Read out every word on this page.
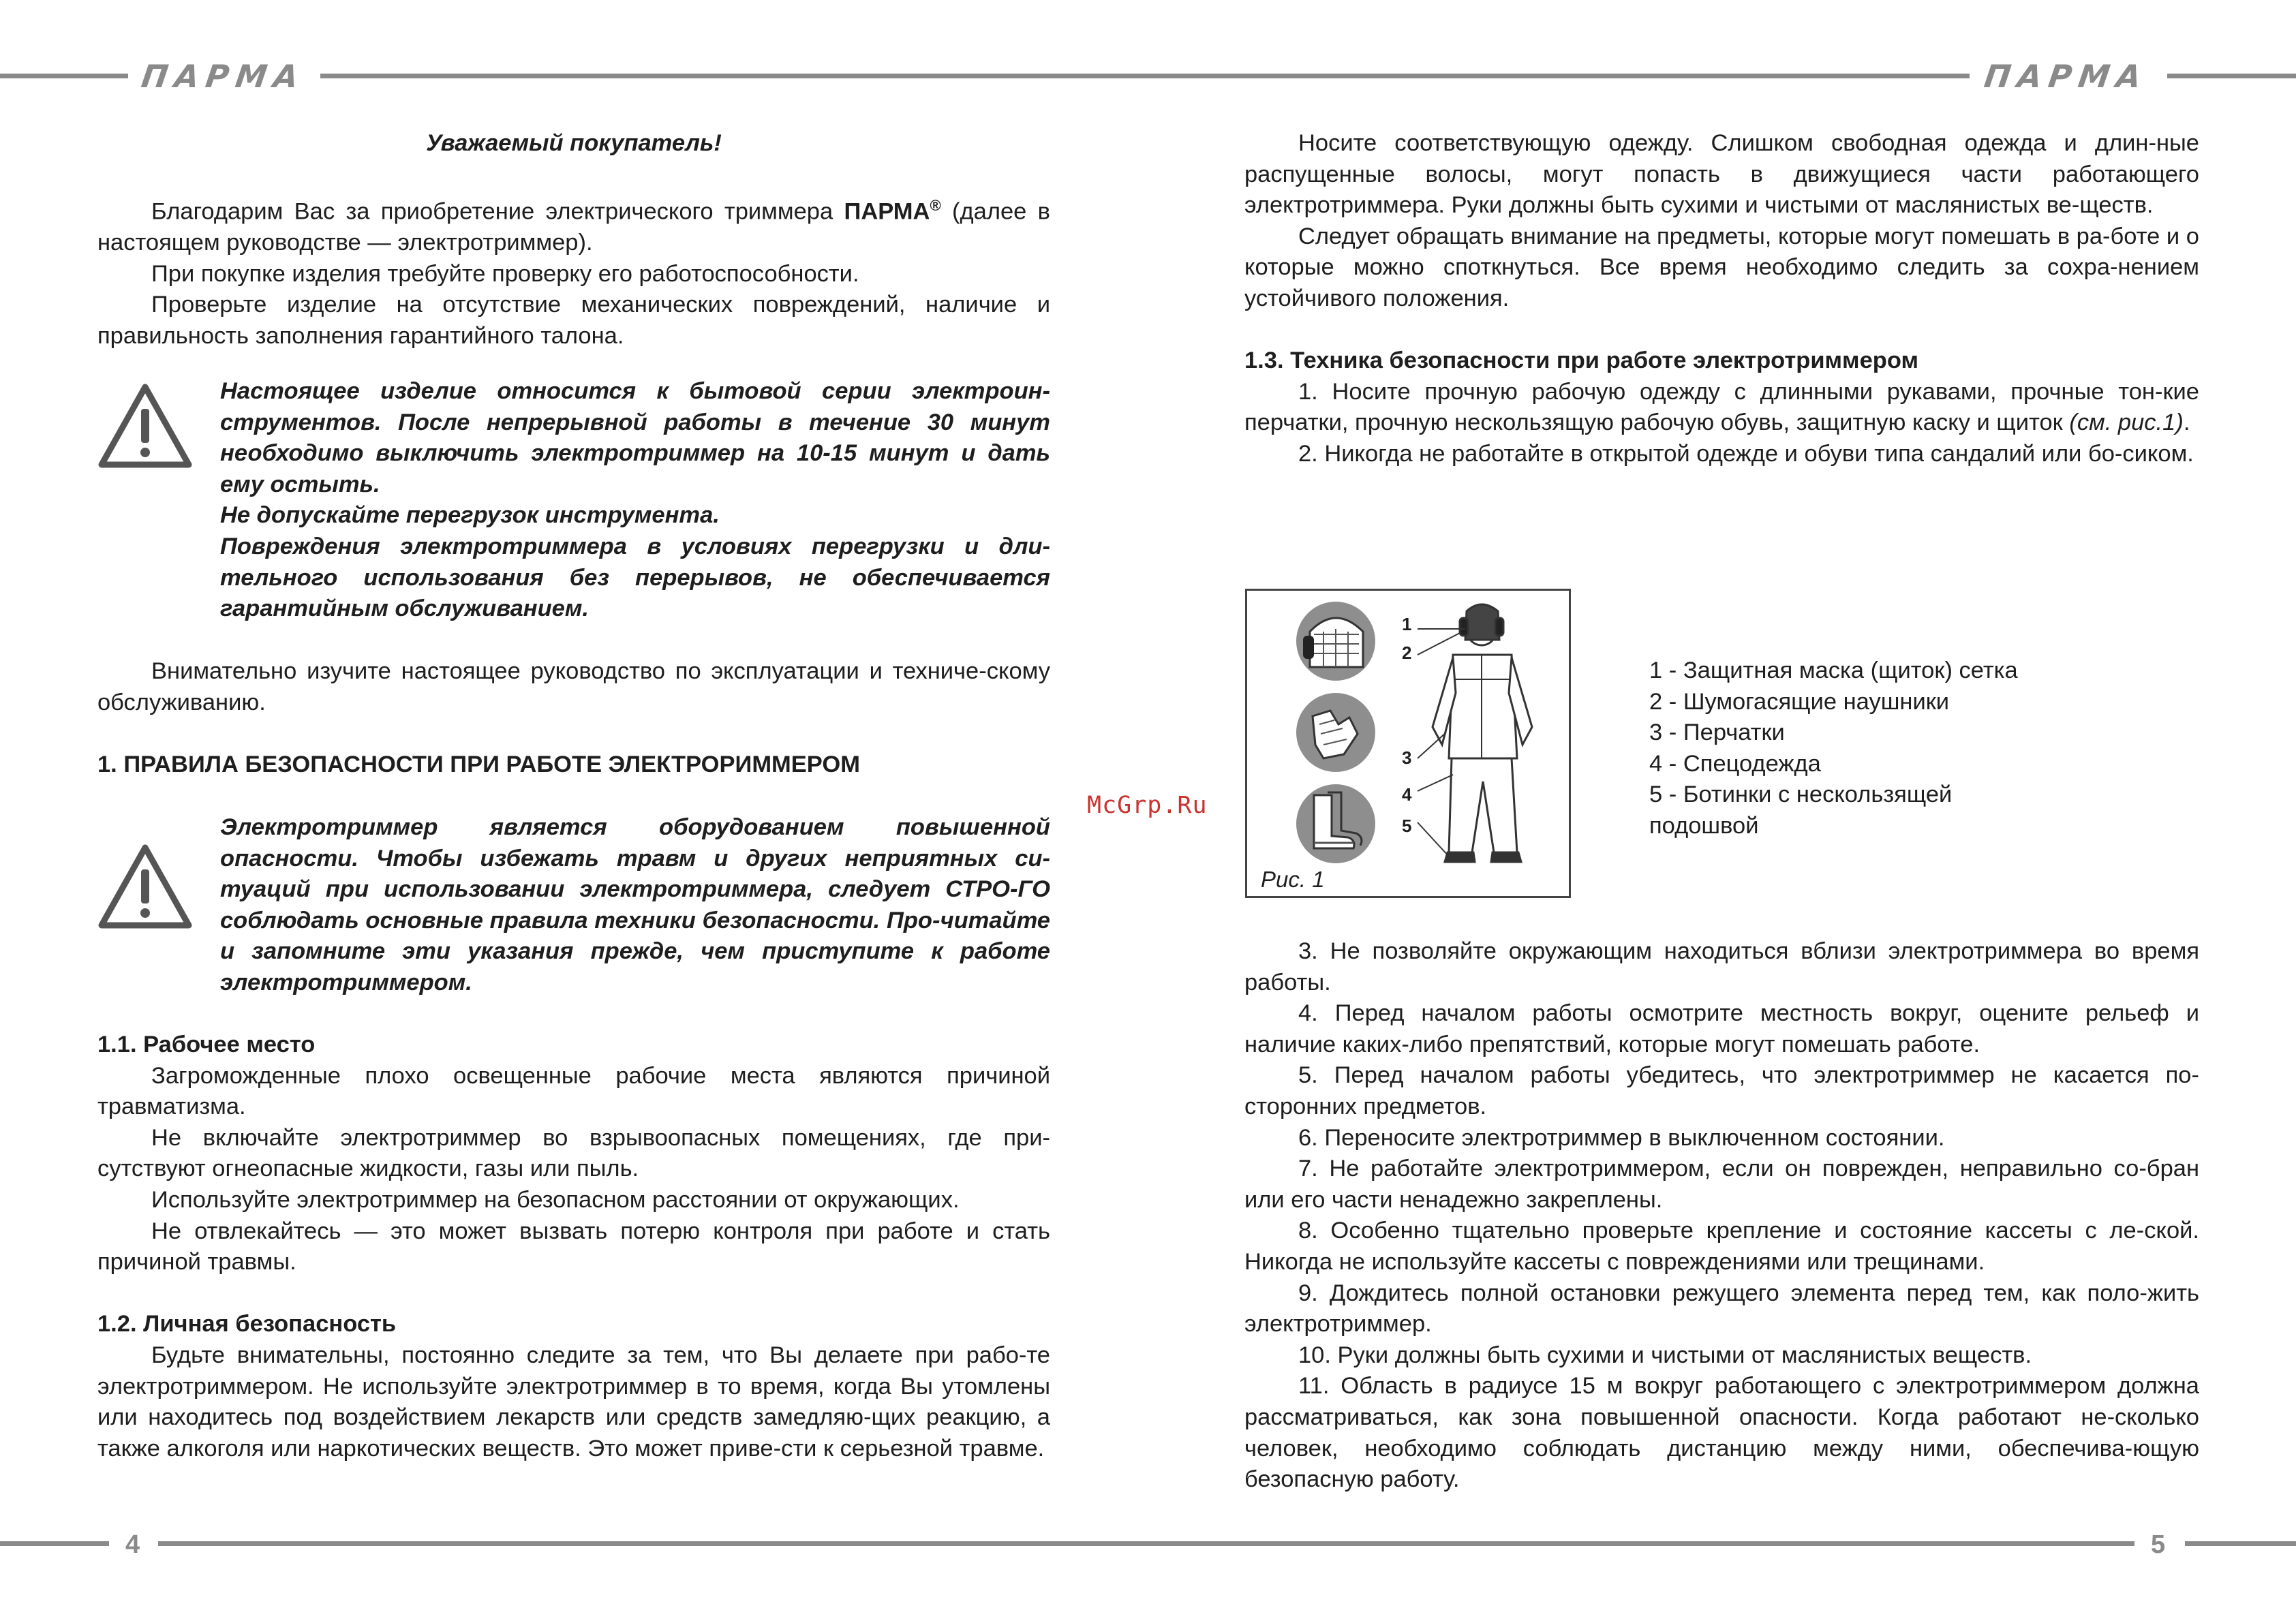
ПАРМА	ПАРМА
4	5
McGrp.Ru

Уважаемый покупатель!

Благодарим Вас за приобретение электрического триммера ПАРМА® (далее в настоящем руководстве — электротриммер).

При покупке изделия требуйте проверку его работоспособности.

Проверьте изделие на отсутствие механических повреждений, наличие и правильность заполнения гарантийного талона.

Настоящее изделие относится к бытовой серии электроин-струментов. После непрерывной работы в течение 30 минут необходимо выключить электротриммер на 10-15 минут и дать ему остыть.

Не допускайте перегрузок инструмента.

Повреждения электротриммера в условиях перегрузки и дли-тельного использования без перерывов, не обеспечивается гарантийным обслуживанием.

Внимательно изучите настоящее руководство по эксплуатации и техниче-скому обслуживанию.

1. ПРАВИЛА БЕЗОПАСНОСТИ ПРИ РАБОТЕ ЭЛЕКТРОРИММЕРОМ

Электротриммер является оборудованием повышенной опасности. Чтобы избежать травм и других неприятных си-туаций при использовании электротриммера, следует СТРО-ГО соблюдать основные правила техники безопасности. Про-читайте и запомните эти указания прежде, чем приступите к работе электротриммером.

1.1. Рабочее место

Загроможденные плохо освещенные рабочие места являются причиной травматизма.

Не включайте электротриммер во взрывоопасных помещениях, где при-сутствуют огнеопасные жидкости, газы или пыль.

Используйте электротриммер на безопасном расстоянии от окружающих.

Не отвлекайтесь — это может вызвать потерю контроля при работе и стать причиной травмы.

1.2. Личная безопасность

Будьте внимательны, постоянно следите за тем, что Вы делаете при рабо-те электротриммером. Не используйте электротриммер в то время, когда Вы утомлены или находитесь под воздействием лекарств или средств замедляю-щих реакцию, а также алкоголя или наркотических веществ. Это может приве-сти к серьезной травме.

Носите соответствующую одежду. Слишком свободная одежда и длин-ные распущенные волосы, могут попасть в движущиеся части работающего электротриммера. Руки должны быть сухими и чистыми от маслянистых ве-ществ.

Следует обращать внимание на предметы, которые могут помешать в ра-боте и о которые можно споткнуться. Все время необходимо следить за сохра-нением устойчивого положения.

1.3. Техника безопасности при работе электротриммером

1. Носите прочную рабочую одежду с длинными рукавами, прочные тон-кие перчатки, прочную нескользящую рабочую обувь, защитную каску и щиток (см. рис.1).

2. Никогда не работайте в открытой одежде и обуви типа сандалий или бо-сиком.

1
2
3
4
5
Рис. 1
1 - Защитная маска (щиток) сетка
2 - Шумогасящие наушники
3 - Перчатки
4 - Спецодежда
5 - Ботинки с нескользящей
подошвой

3. Не позволяйте окружающим находиться вблизи электротриммера во время работы.

4. Перед началом работы осмотрите местность вокруг, оцените рельеф и наличие каких-либо препятствий, которые могут помешать работе.

5. Перед началом работы убедитесь, что электротриммер не касается по-сторонних предметов.

6. Переносите электротриммер в выключенном состоянии.

7. Не работайте электротриммером, если он поврежден, неправильно со-бран или его части ненадежно закреплены.

8. Особенно тщательно проверьте крепление и состояние кассеты с ле-ской. Никогда не используйте кассеты с повреждениями или трещинами.

9. Дождитесь полной остановки режущего элемента перед тем, как поло-жить электротриммер.

10. Руки должны быть сухими и чистыми от маслянистых веществ.

11. Область в радиусе 15 м вокруг работающего с электротриммером должна рассматриваться, как зона повышенной опасности. Когда работают не-сколько человек, необходимо соблюдать дистанцию между ними, обеспечива-ющую безопасную работу.
